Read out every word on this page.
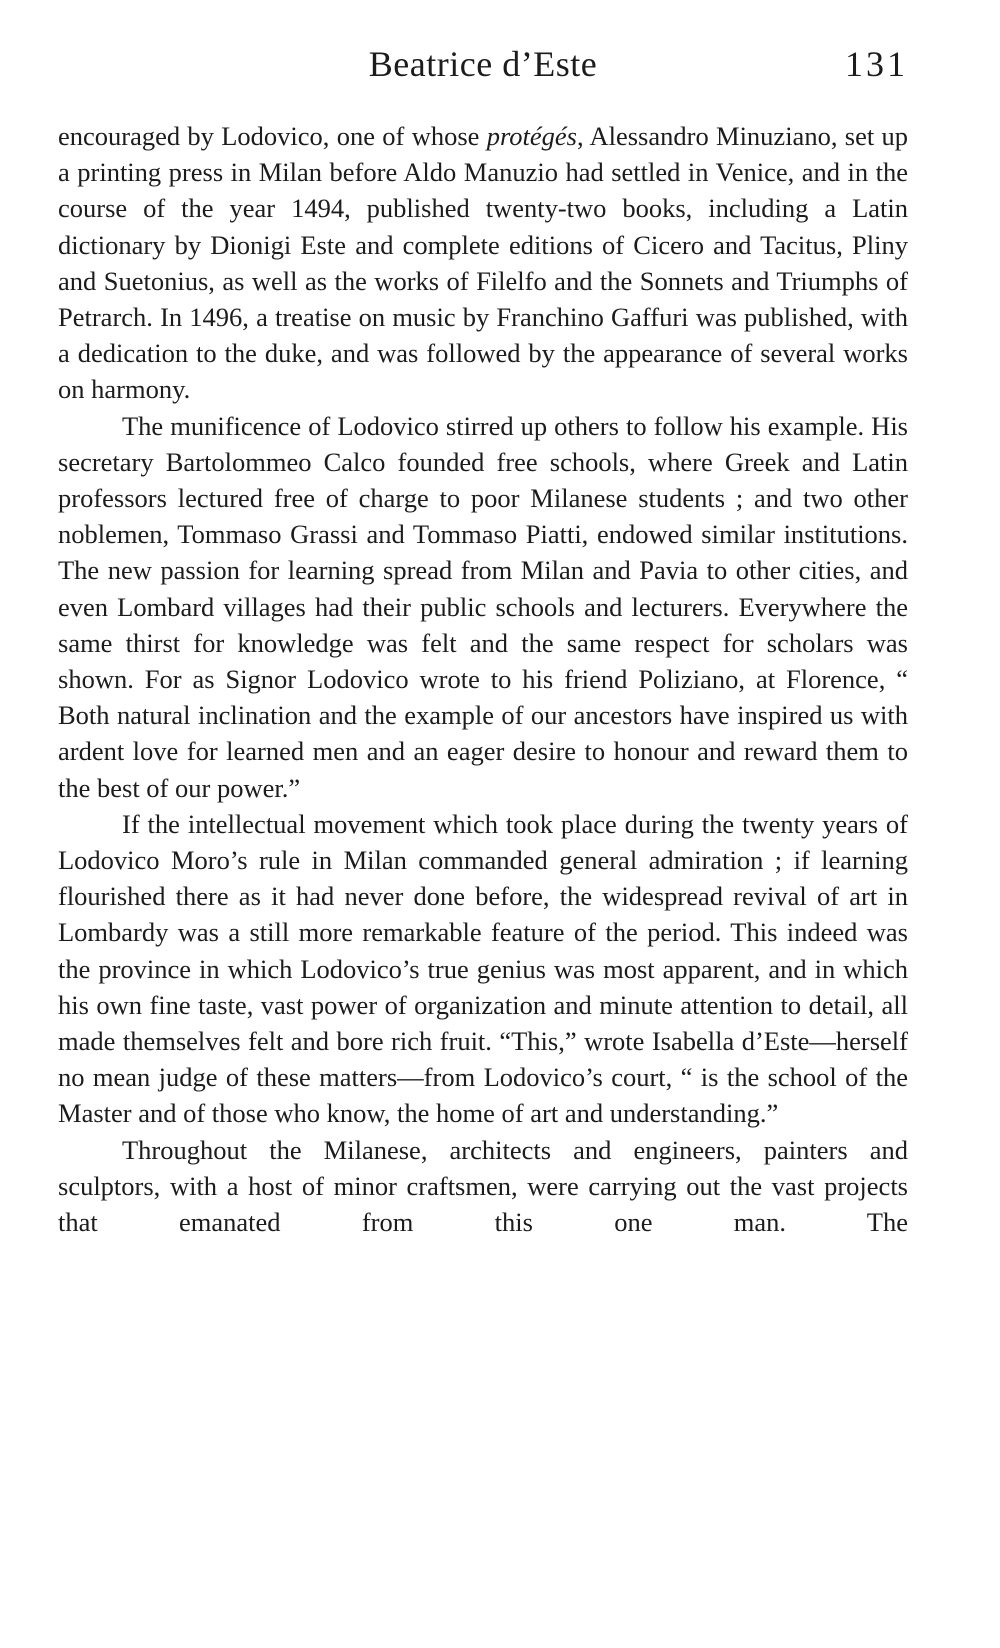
Beatrice d’Este	131

encouraged by Lodovico, one of whose protégés, Alessandro Minuziano, set up a printing press in Milan before Aldo Manuzio had settled in Venice, and in the course of the year 1494, published twenty-two books, including a Latin dictionary by Dionigi Este and complete editions of Cicero and Tacitus, Pliny and Suetonius, as well as the works of Filelfo and the Sonnets and Triumphs of Petrarch. In 1496, a treatise on music by Franchino Gaffuri was published, with a dedication to the duke, and was followed by the appearance of several works on harmony.

The munificence of Lodovico stirred up others to follow his example. His secretary Bartolommeo Calco founded free schools, where Greek and Latin professors lectured free of charge to poor Milanese students ; and two other noblemen, Tommaso Grassi and Tommaso Piatti, endowed similar institutions. The new passion for learning spread from Milan and Pavia to other cities, and even Lombard villages had their public schools and lecturers. Everywhere the same thirst for knowledge was felt and the same respect for scholars was shown. For as Signor Lodovico wrote to his friend Poliziano, at Florence, “ Both natural inclination and the example of our ancestors have inspired us with ardent love for learned men and an eager desire to honour and reward them to the best of our power.”

If the intellectual movement which took place during the twenty years of Lodovico Moro’s rule in Milan commanded general admiration ; if learning flourished there as it had never done before, the widespread revival of art in Lombardy was a still more remarkable feature of the period. This indeed was the province in which Lodovico’s true genius was most apparent, and in which his own fine taste, vast power of organization and minute attention to detail, all made themselves felt and bore rich fruit. “This,” wrote Isabella d’Este—herself no mean judge of these matters—from Lodovico’s court, “ is the school of the Master and of those who know, the home of art and understanding.”

Throughout the Milanese, architects and engineers, painters and sculptors, with a host of minor craftsmen, were carrying out the vast projects that emanated from this one man. The
